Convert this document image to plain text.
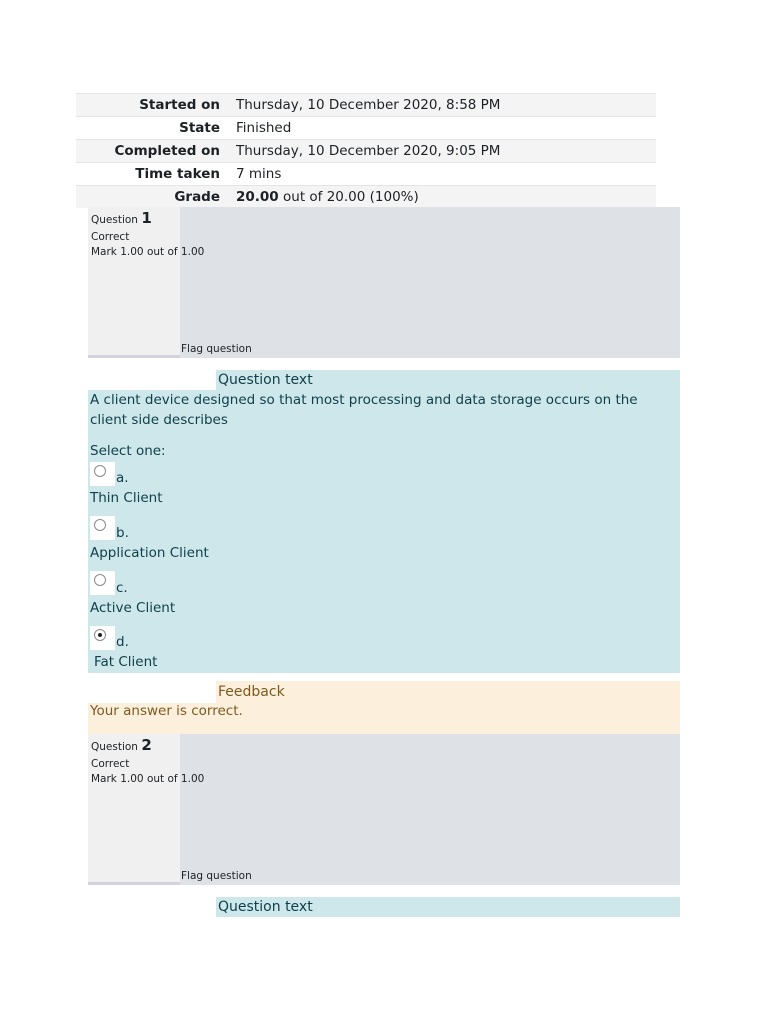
Started on	Thursday, 10 December 2020, 8:58 PM
State	Finished
Completed on	Thursday, 10 December 2020, 9:05 PM
Time taken	7 mins
Grade	20.00 out of 20.00 (100%)
Question 1
Correct
Mark 1.00 out of 1.00
Flag question
Question text
A client device designed so that most processing and data storage occurs on the client side describes
Select one:
a.
Thin Client
b.
Application Client
c.
Active Client
d.
Fat Client
Feedback
Your answer is correct.
Question 2
Correct
Mark 1.00 out of 1.00
Flag question
Question text
